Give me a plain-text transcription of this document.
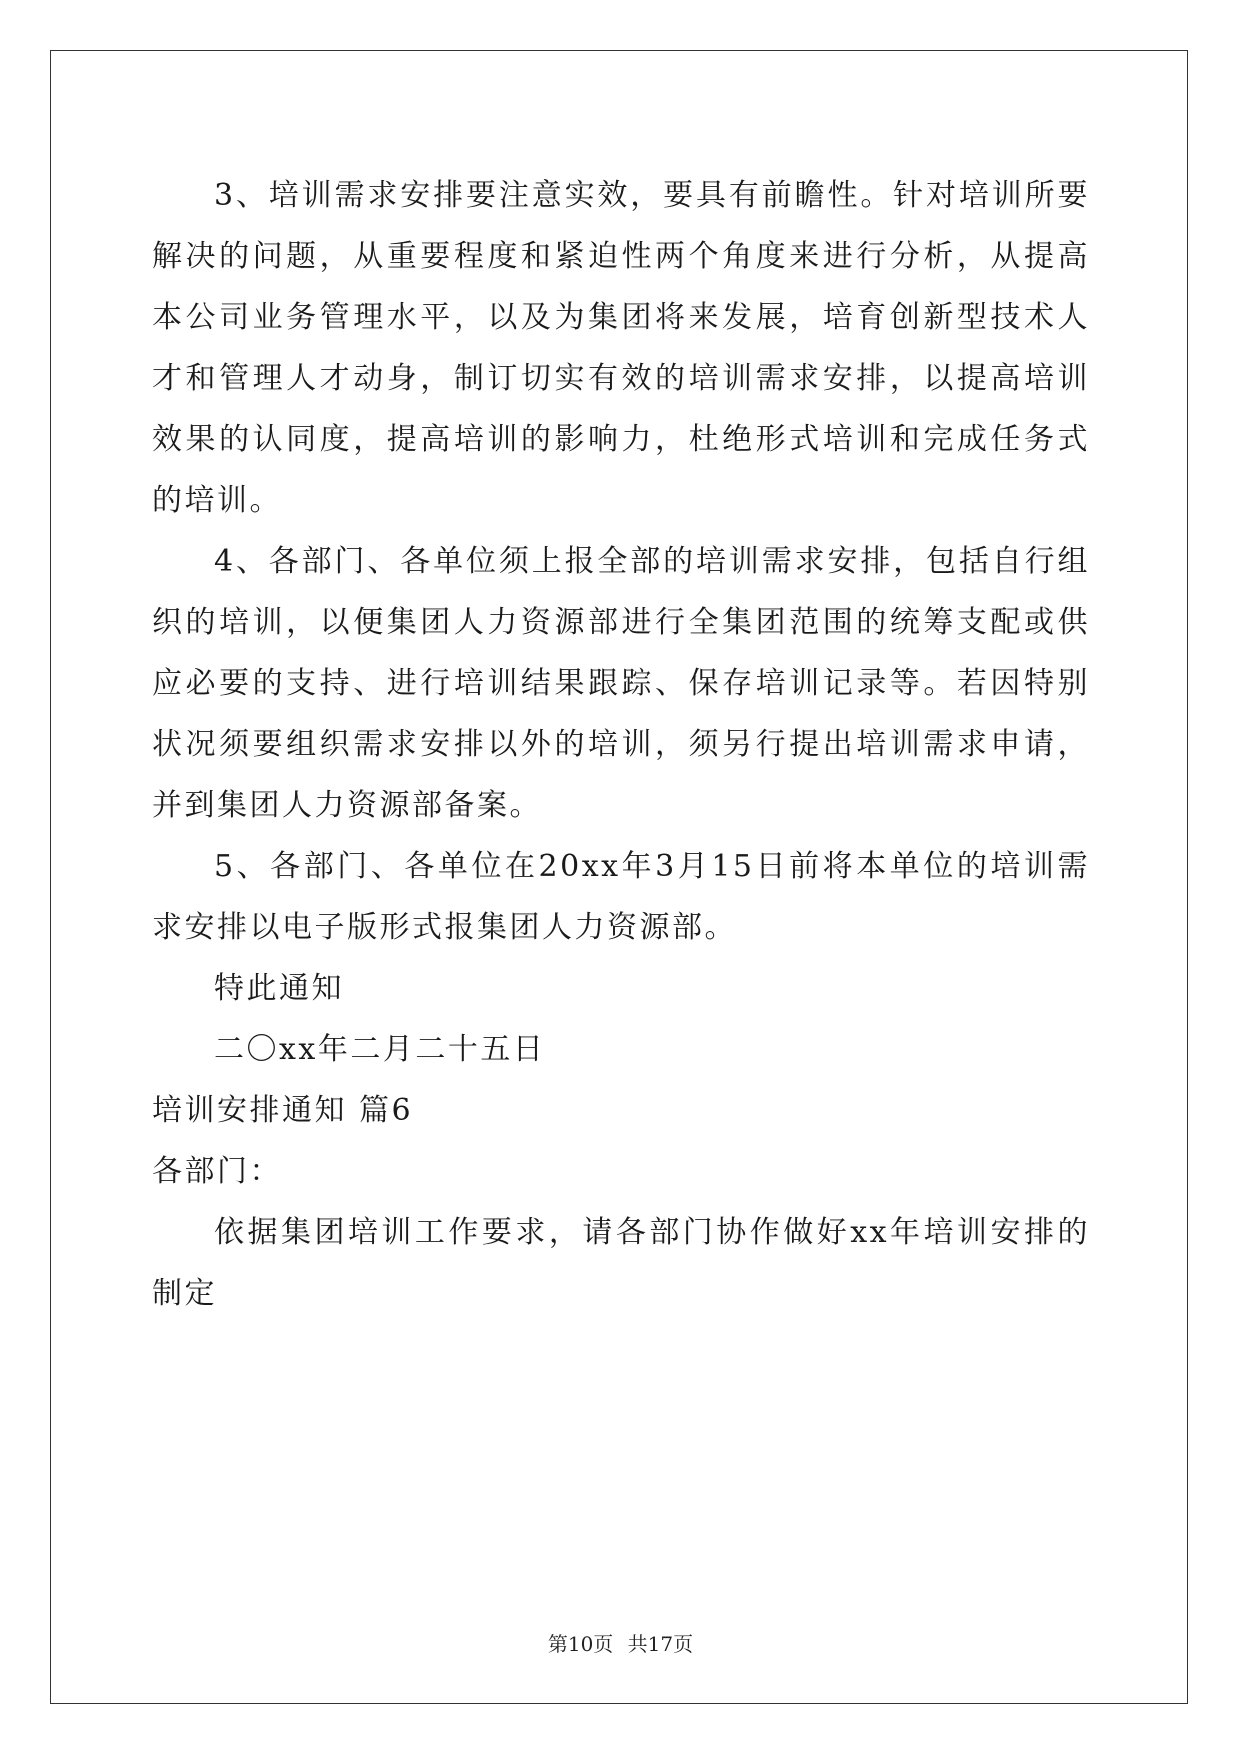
3、培训需求安排要注意实效，要具有前瞻性。针对培训所要解决的问题，从重要程度和紧迫性两个角度来进行分析，从提高本公司业务管理水平，以及为集团将来发展，培育创新型技术人才和管理人才动身，制订切实有效的培训需求安排，以提高培训效果的认同度，提高培训的影响力，杜绝形式培训和完成任务式的培训。

4、各部门、各单位须上报全部的培训需求安排，包括自行组织的培训，以便集团人力资源部进行全集团范围的统筹支配或供应必要的支持、进行培训结果跟踪、保存培训记录等。若因特别状况须要组织需求安排以外的培训，须另行提出培训需求申请，并到集团人力资源部备案。

5、各部门、各单位在20xx年3月15日前将本单位的培训需求安排以电子版形式报集团人力资源部。

特此通知

二〇xx年二月二十五日

培训安排通知 篇6

各部门：

依据集团培训工作要求，请各部门协作做好xx年培训安排的制定

第10页 共17页
